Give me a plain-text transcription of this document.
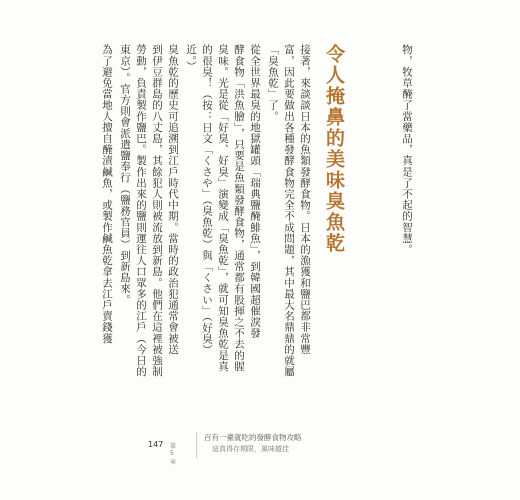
物，牧草醃了當藥品，真是了不起的智慧。
令人掩鼻的美味臭魚乾
接著，來談談日本的魚類發酵食物。日本的漁獲和鹽巴都非常豐
富，因此要做出各種發酵食物完全不成問題，其中最大名鼎鼎的就屬
「臭魚乾」了。
從全世界最臭的地獄罐頭「瑞典鹽醃鯡魚」，到韓國超催淚發
酵食物「洪魚膾」，只要是魚類發酵食物，通常都有股揮之不去的腥
臭味。光是從「好臭、好臭」演變成「臭魚乾」，就可知臭魚乾是真
的很臭！（按：日文「くさや」（臭魚乾）與「くさい」（好臭）
近。）
臭魚乾的歷史可追溯到江戶時代中期。當時的政治犯通常會被送
到伊豆群島的八丈島，其餘犯人則被流放到新島。他們在這裡被強制
勞動，負責製作鹽巴。製作出來的鹽則運往人口眾多的江戶（今日的
東京）。官方則會派遣鹽奉行（鹽務官員）到新島來。
為了避免當地人擅自醃漬鹹魚，或製作鹹魚乾拿去江戶賣錢獲
147 第5章
百有一臺就吃的發酵食物攻略
這真得存期限，風味越佳
